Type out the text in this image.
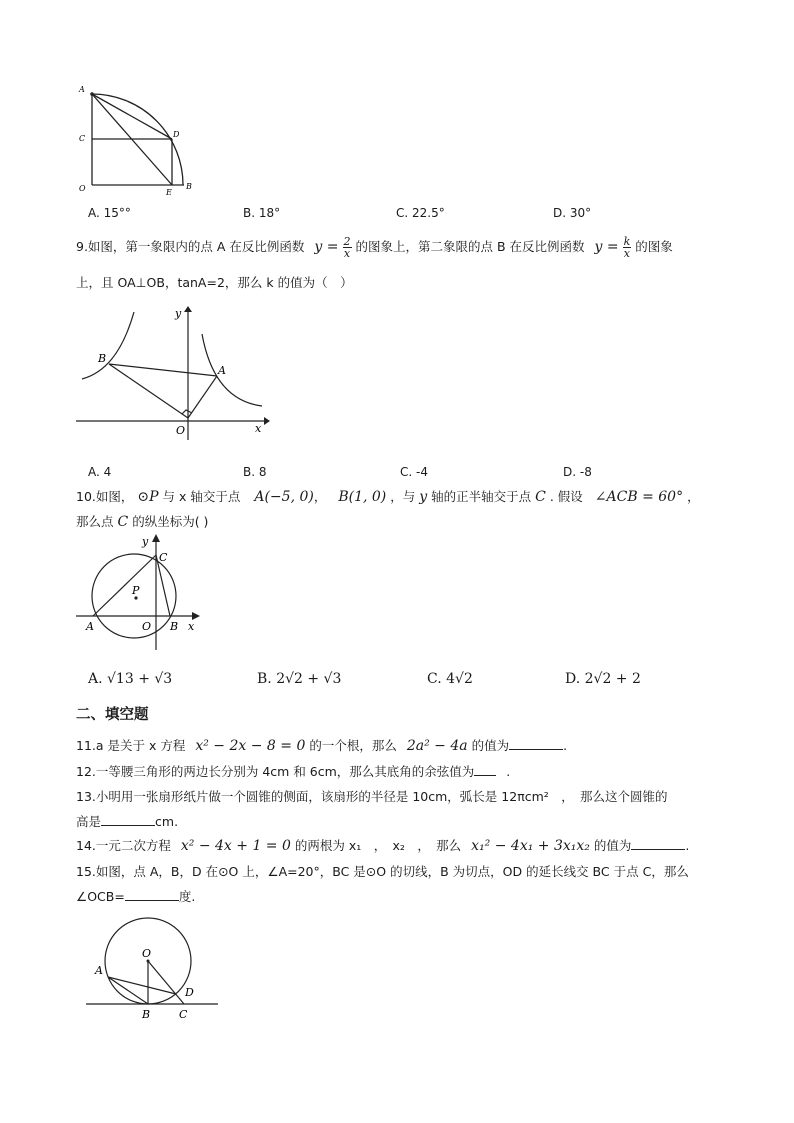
A
C
O
D
E
B
A. 15°°	B. 18°	C. 22.5°	D. 30°
9.如图，第一象限内的点 A 在反比例函数 $y = \frac{2}{x}$ 的图象上，第二象限的点 B 在反比例函数 $y = \frac{k}{x}$ 的图象
上，且 OA⊥OB，tanA=2，那么 k 的值为（　）
y
x
B
A
O
A. 4	B. 8	C. -4	D. -8
10.如图， ⊙P 与 x 轴交于点 A(−5, 0)， B(1, 0) ，与 y 轴的正半轴交于点 C . 假设 ∠ACB = 60° ，
那么点 C 的纵坐标为( )
y
C
P
A	O B x
A. √13 + √3	B. 2√2 + √3	C. 4√2	D. 2√2 + 2
二、填空题
11.a 是关于 x 方程 x² − 2x − 8 = 0 的一个根，那么 2a² − 4a 的值为	.
12.一等腰三角形的两边长分别为 4cm 和 6cm，那么其底角的余弦值为	.
13.小明用一张扇形纸片做一个圆锥的侧面，该扇形的半径是 10cm，弧长是 12πcm²　，　那么这个圆锥的
高是	cm.
14.一元二次方程 x² − 4x + 1 = 0 的两根为 x₁　，　x₂　，　那么 x₁² − 4x₁ + 3x₁x₂ 的值为	.
15.如图，点 A，B，D 在⊙O 上，∠A=20°，BC 是⊙O 的切线，B 为切点，OD 的延长线交 BC 于点 C，那么
∠OCB=	度.
O
A
D
B	C
